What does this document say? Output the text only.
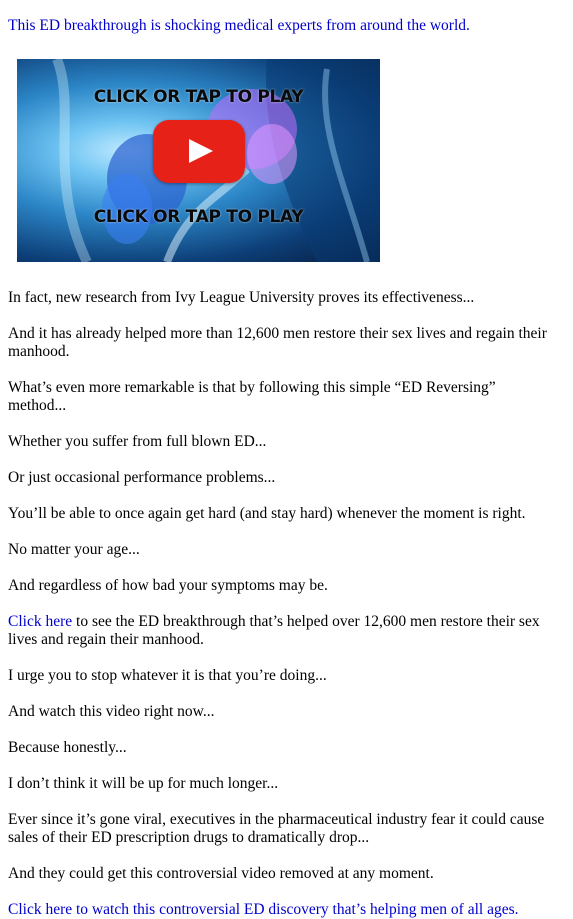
This ED breakthrough is shocking medical experts from around the world.
CLICK OR TAP TO PLAY
CLICK OR TAP TO PLAY
In fact, new research from Ivy League University proves its effectiveness...
And it has already helped more than 12,600 men restore their sex lives and regain their manhood.
What’s even more remarkable is that by following this simple “ED Reversing” method...
Whether you suffer from full blown ED...
Or just occasional performance problems...
You’ll be able to once again get hard (and stay hard) whenever the moment is right.
No matter your age...
And regardless of how bad your symptoms may be.
Click here to see the ED breakthrough that’s helped over 12,600 men restore their sex lives and regain their manhood.
I urge you to stop whatever it is that you’re doing...
And watch this video right now...
Because honestly...
I don’t think it will be up for much longer...
Ever since it’s gone viral, executives in the pharmaceutical industry fear it could cause sales of their ED prescription drugs to dramatically drop...
And they could get this controversial video removed at any moment.
Click here to watch this controversial ED discovery that’s helping men of all ages.
